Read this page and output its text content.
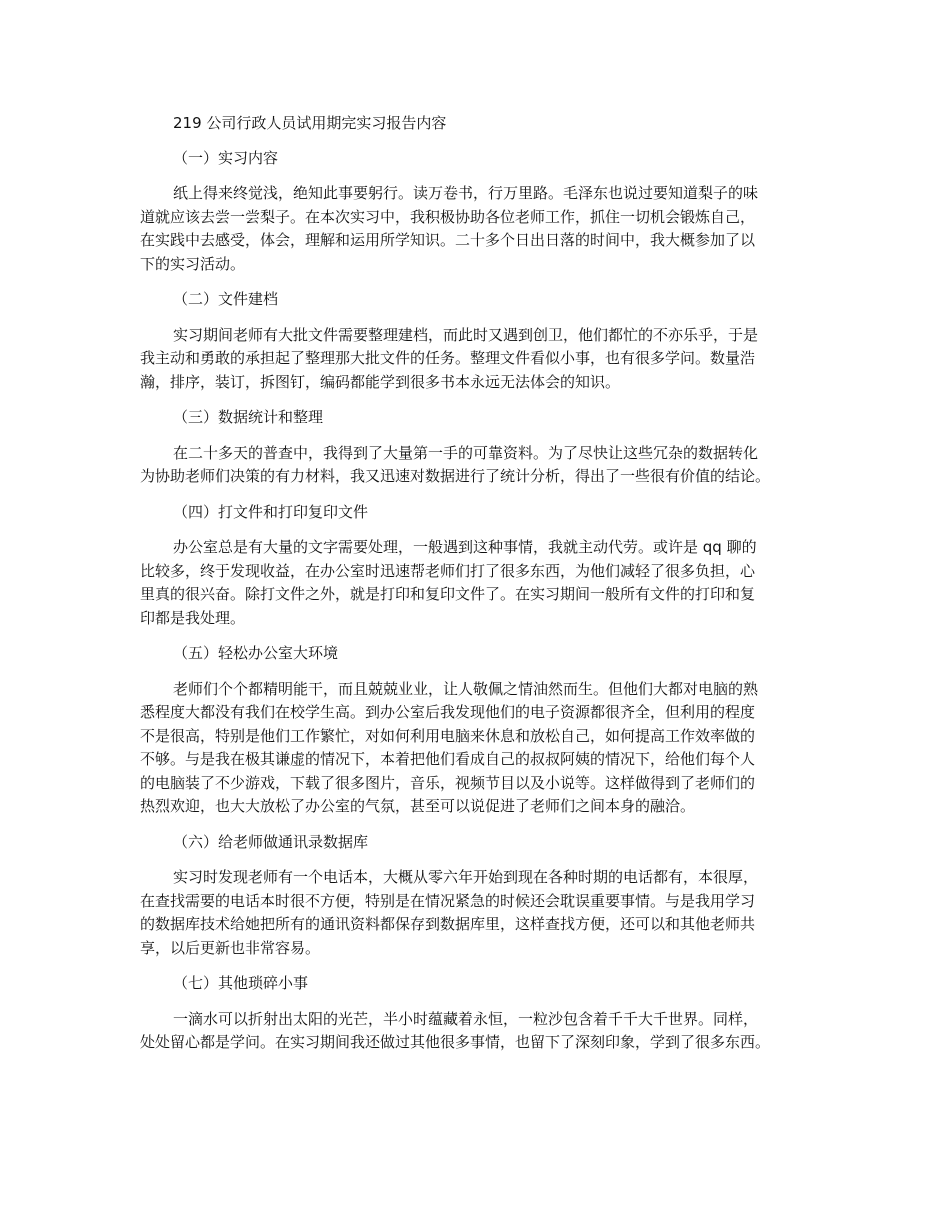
219 公司行政人员试用期完实习报告内容

（一）实习内容

纸上得来终觉浅，绝知此事要躬行。读万卷书，行万里路。毛泽东也说过要知道梨子的味

道就应该去尝一尝梨子。在本次实习中，我积极协助各位老师工作，抓住一切机会锻炼自己，

在实践中去感受，体会，理解和运用所学知识。二十多个日出日落的时间中，我大概参加了以

下的实习活动。

（二）文件建档

实习期间老师有大批文件需要整理建档，而此时又遇到创卫，他们都忙的不亦乐乎，于是

我主动和勇敢的承担起了整理那大批文件的任务。整理文件看似小事，也有很多学问。数量浩

瀚，排序，装订，拆图钉，编码都能学到很多书本永远无法体会的知识。

（三）数据统计和整理

在二十多天的普查中，我得到了大量第一手的可靠资料。为了尽快让这些冗杂的数据转化

为协助老师们决策的有力材料，我又迅速对数据进行了统计分析，得出了一些很有价值的结论。

（四）打文件和打印复印文件

办公室总是有大量的文字需要处理，一般遇到这种事情，我就主动代劳。或许是 qq 聊的

比较多，终于发现收益，在办公室时迅速帮老师们打了很多东西，为他们减轻了很多负担，心

里真的很兴奋。除打文件之外，就是打印和复印文件了。在实习期间一般所有文件的打印和复

印都是我处理。

（五）轻松办公室大环境

老师们个个都精明能干，而且兢兢业业，让人敬佩之情油然而生。但他们大都对电脑的熟

悉程度大都没有我们在校学生高。到办公室后我发现他们的电子资源都很齐全，但利用的程度

不是很高，特别是他们工作繁忙，对如何利用电脑来休息和放松自己，如何提高工作效率做的

不够。与是我在极其谦虚的情况下，本着把他们看成自己的叔叔阿姨的情况下，给他们每个人

的电脑装了不少游戏，下载了很多图片，音乐，视频节目以及小说等。这样做得到了老师们的

热烈欢迎，也大大放松了办公室的气氛，甚至可以说促进了老师们之间本身的融洽。

（六）给老师做通讯录数据库

实习时发现老师有一个电话本，大概从零六年开始到现在各种时期的电话都有，本很厚，

在查找需要的电话本时很不方便，特别是在情况紧急的时候还会耽误重要事情。与是我用学习

的数据库技术给她把所有的通讯资料都保存到数据库里，这样查找方便，还可以和其他老师共

享，以后更新也非常容易。

（七）其他琐碎小事

一滴水可以折射出太阳的光芒，半小时蕴藏着永恒，一粒沙包含着千千大千世界。同样，

处处留心都是学问。在实习期间我还做过其他很多事情，也留下了深刻印象，学到了很多东西。
